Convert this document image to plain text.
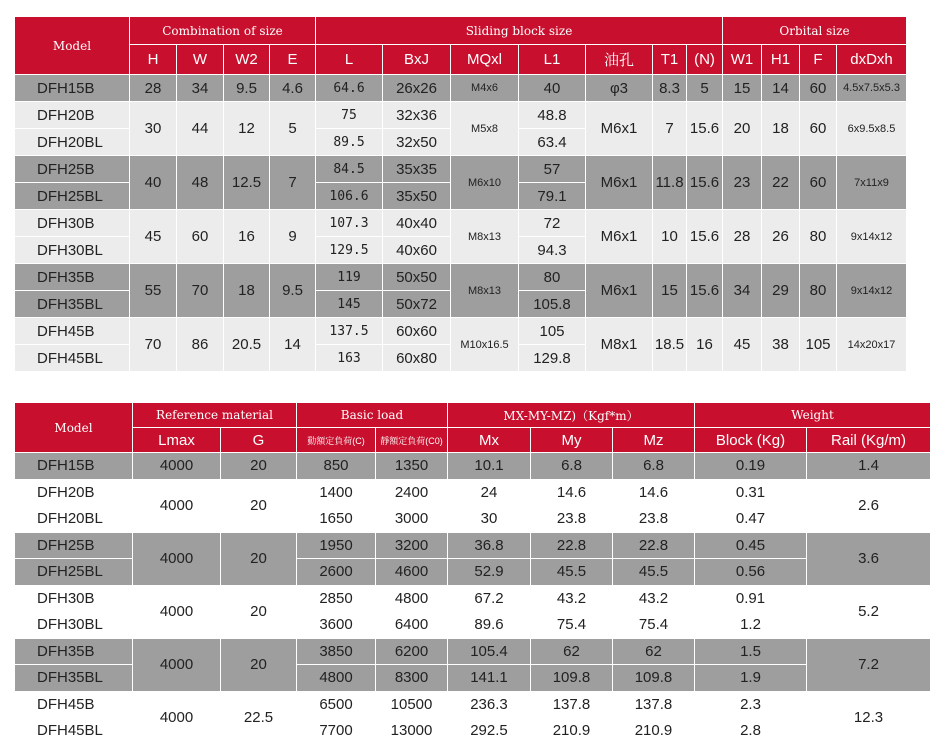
Model	Combination of size				Sliding block size							Orbital size			
	H	W	W2	E	L	BxJ	MQxl	L1	油孔	T1	(N)	W1	H1	F	dxDxh
DFH15B	28	34	9.5	4.6	64.6	26x26	M4x6	40	φ3	8.3	5	15	14	60	4.5x7.5x5.3
DFH20B	30	44	12	5	75	32x36	M5x8	48.8	M6x1	7	15.6	20	18	60	6x9.5x8.5
DFH20BL					89.5	32x50		63.4							
DFH25B	40	48	12.5	7	84.5	35x35	M6x10	57	M6x1	11.8	15.6	23	22	60	7x11x9
DFH25BL					106.6	35x50		79.1							
DFH30B	45	60	16	9	107.3	40x40	M8x13	72	M6x1	10	15.6	28	26	80	9x14x12
DFH30BL					129.5	40x60		94.3							
DFH35B	55	70	18	9.5	119	50x50	M8x13	80	M6x1	15	15.6	34	29	80	9x14x12
DFH35BL					145	50x72		105.8							
DFH45B	70	86	20.5	14	137.5	60x60	M10x16.5	105	M8x1	18.5	16	45	38	105	14x20x17
DFH45BL					163	60x80		129.8							
Model	Reference material		Basic load		MX-MY-MZ)（Kgf*m）			Weight	
	Lmax	G	動額定負荷(C)	靜額定負荷(C0)	Mx	My	Mz	Block (Kg)	Rail (Kg/m)
DFH15B	4000	20	850	1350	10.1	6.8	6.8	0.19	1.4
DFH20B	4000	20	1400	2400	24	14.6	14.6	0.31	2.6
DFH20BL			1650	3000	30	23.8	23.8	0.47	
DFH25B	4000	20	1950	3200	36.8	22.8	22.8	0.45	3.6
DFH25BL			2600	4600	52.9	45.5	45.5	0.56	
DFH30B	4000	20	2850	4800	67.2	43.2	43.2	0.91	5.2
DFH30BL			3600	6400	89.6	75.4	75.4	1.2	
DFH35B	4000	20	3850	6200	105.4	62	62	1.5	7.2
DFH35BL			4800	8300	141.1	109.8	109.8	1.9	
DFH45B	4000	22.5	6500	10500	236.3	137.8	137.8	2.3	12.3
DFH45BL			7700	13000	292.5	210.9	210.9	2.8	
